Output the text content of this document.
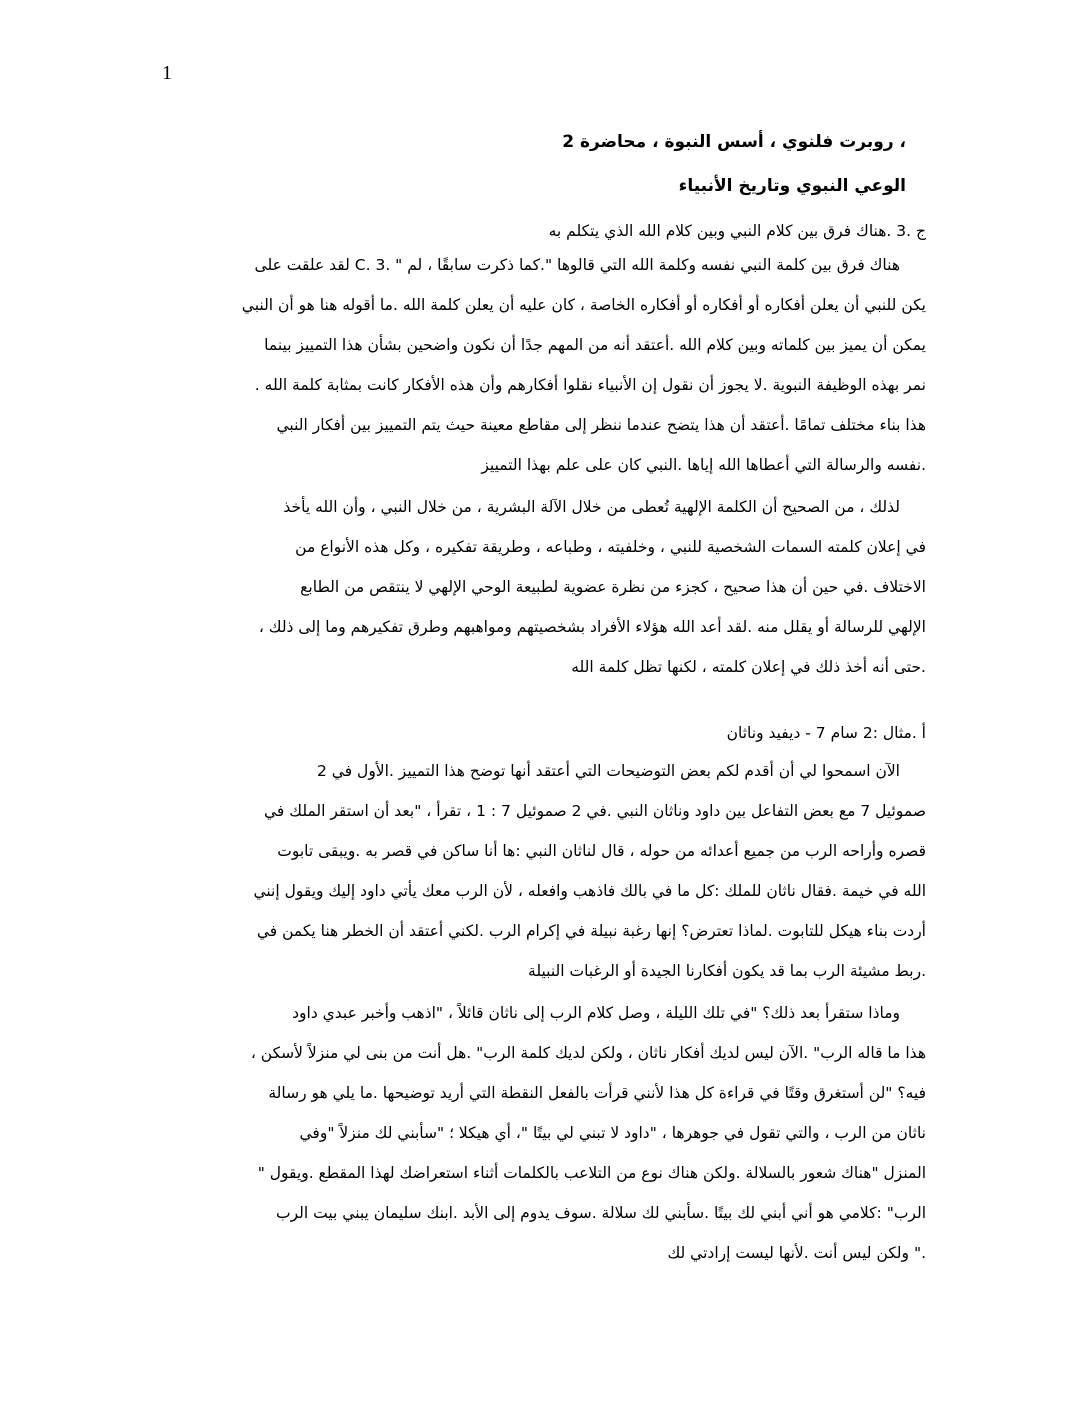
1
، روبرت فلنوي ، أسس النبوة ، محاضرة 2
الوعي النبوي وتاريخ الأنبياء
ج .3 .هناك فرق بين كلام النبي وبين كلام الله الذي يتكلم به
هناك فرق بين كلمة النبي نفسه وكلمة الله التي قالوها ".كما ذكرت سابقًا ، لم " .C. 3 لقد علقت على
يكن للنبي أن يعلن أفكاره أو أفكاره أو أفكاره الخاصة ، كان عليه أن يعلن كلمة الله .ما أقوله هنا هو أن النبي
يمكن أن يميز بين كلماته وبين كلام الله .أعتقد أنه من المهم جدًا أن نكون واضحين بشأن هذا التمييز بينما
نمر بهذه الوظيفة النبوية .لا يجوز أن نقول إن الأنبياء نقلوا أفكارهم وأن هذه الأفكار كانت بمثابة كلمة الله .
هذا بناء مختلف تمامًا .أعتقد أن هذا يتضح عندما ننظر إلى مقاطع معينة حيث يتم التمييز بين أفكار النبي
.نفسه والرسالة التي أعطاها الله إياها .النبي كان على علم بهذا التمييز
لذلك ، من الصحيح أن الكلمة الإلهية تُعطى من خلال الآلة البشرية ، من خلال النبي ، وأن الله يأخذ
في إعلان كلمته السمات الشخصية للنبي ، وخلفيته ، وطباعه ، وطريقة تفكيره ، وكل هذه الأنواع من
الاختلاف .في حين أن هذا صحيح ، كجزء من نظرة عضوية لطبيعة الوحي الإلهي لا ينتقص من الطابع
الإلهي للرسالة أو يقلل منه .لقد أعد الله هؤلاء الأفراد بشخصيتهم ومواهبهم وطرق تفكيرهم وما إلى ذلك ،
.حتى أنه أخذ ذلك في إعلان كلمته ، لكنها تظل كلمة الله
أ .مثال :2 سام 7 - ديفيد وناثان
الآن اسمحوا لي أن أقدم لكم بعض التوضيحات التي أعتقد أنها توضح هذا التمييز .الأول في 2
صموئيل 7 مع بعض التفاعل بين داود وناثان النبي .في 2 صموئيل 7 : 1 ، تقرأ ، "بعد أن استقر الملك في
قصره وأراحه الرب من جميع أعدائه من حوله ، قال لناثان النبي :ها أنا ساكن في قصر به .ويبقى تابوت
الله في خيمة .فقال ناثان للملك :كل ما في بالك فاذهب وافعله ، لأن الرب معك يأتي داود إليك ويقول إنني
أردت بناء هيكل للتابوت .لماذا تعترض؟ إنها رغبة نبيلة في إكرام الرب .لكني أعتقد أن الخطر هنا يكمن في
.ربط مشيئة الرب بما قد يكون أفكارنا الجيدة أو الرغبات النبيلة
وماذا ستقرأ بعد ذلك؟ "في تلك الليلة ، وصل كلام الرب إلى ناثان قائلاً ، "اذهب وأخبر عبدي داود
هذا ما قاله الرب" .الآن ليس لديك أفكار ناثان ، ولكن لديك كلمة الرب" .هل أنت من بنى لي منزلاً لأسكن ،
فيه؟ "لن أستغرق وقتًا في قراءة كل هذا لأنني قرأت بالفعل النقطة التي أريد توضيحها .ما يلي هو رسالة
ناثان من الرب ، والتي تقول في جوهرها ، "داود لا تبني لي بيتًا "، أي هيكلا ؛ "سأبني لك منزلاً "وفي
المنزل "هناك شعور بالسلالة .ولكن هناك نوع من التلاعب بالكلمات أثناء استعراضك لهذا المقطع .ويقول "
الرب" :كلامي هو أني أبني لك بيتًا .سأبني لك سلالة .سوف يدوم إلى الأبد .ابنك سليمان يبني بيت الرب
." ولكن ليس أنت .لأنها ليست إرادتي لك
